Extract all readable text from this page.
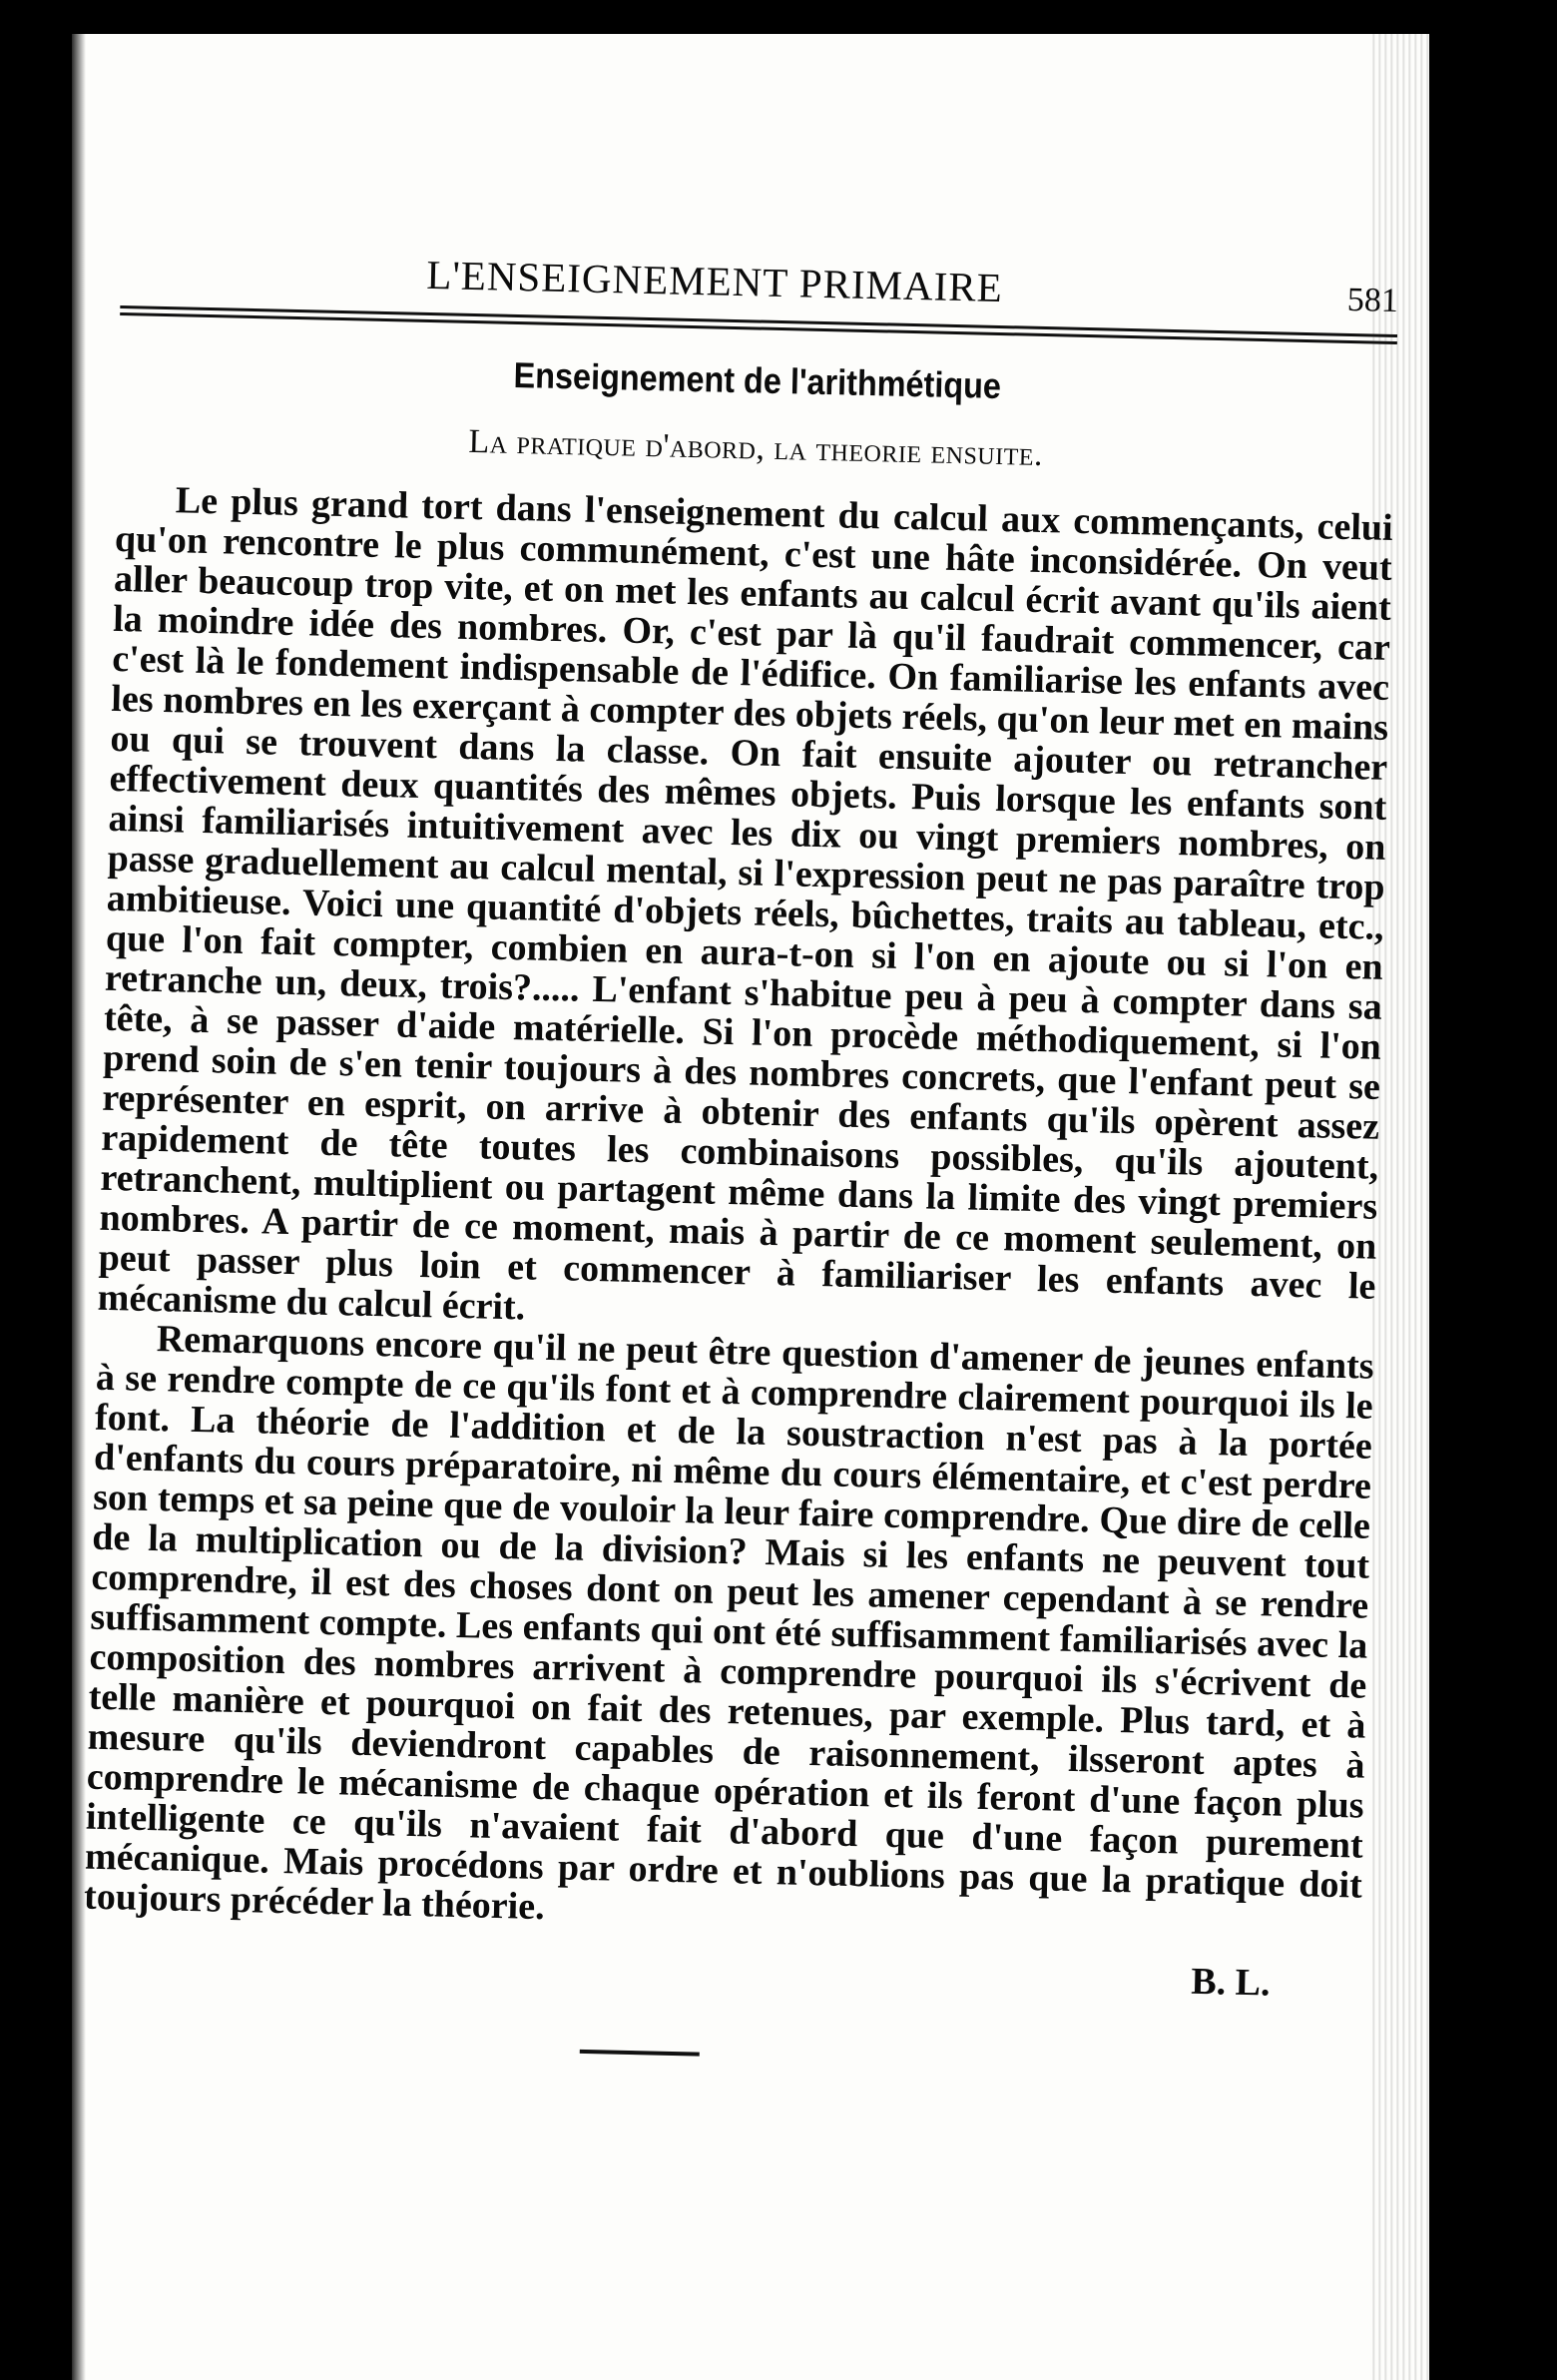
L'ENSEIGNEMENT PRIMAIRE	581
Enseignement de l'arithmétique
La pratique d'abord, la theorie ensuite.

Le plus grand tort dans l'enseignement du calcul aux commençants, celui qu'on rencontre le plus communément, c'est une hâte inconsidérée. On veut aller beaucoup trop vite, et on met les enfants au calcul écrit avant qu'ils aient la moindre idée des nombres. Or, c'est par là qu'il faudrait commencer, car c'est là le fondement indispensable de l'édifice. On familiarise les enfants avec les nombres en les exerçant à compter des objets réels, qu'on leur met en mains ou qui se trouvent dans la classe. On fait ensuite ajouter ou retrancher effectivement deux quantités des mêmes objets. Puis lorsque les enfants sont ainsi familiarisés intuitivement avec les dix ou vingt premiers nombres, on passe graduellement au calcul mental, si l'expression peut ne pas paraître trop ambitieuse. Voici une quantité d'objets réels, bûchettes, traits au tableau, etc., que l'on fait compter, combien en aura-t-on si l'on en ajoute ou si l'on en retranche un, deux, trois?..... L'enfant s'habitue peu à peu à compter dans sa tête, à se passer d'aide matérielle. Si l'on procède méthodiquement, si l'on prend soin de s'en tenir toujours à des nombres concrets, que l'enfant peut se représenter en esprit, on arrive à obtenir des enfants qu'ils opèrent assez rapidement de tête toutes les combinaisons possibles, qu'ils ajoutent, retranchent, multiplient ou partagent même dans la limite des vingt premiers nombres. A partir de ce moment, mais à partir de ce moment seulement, on peut passer plus loin et commencer à familiariser les enfants avec le mécanisme du calcul écrit.

Remarquons encore qu'il ne peut être question d'amener de jeunes enfants à se rendre compte de ce qu'ils font et à comprendre clairement pourquoi ils le font. La théorie de l'addition et de la soustraction n'est pas à la portée d'enfants du cours préparatoire, ni même du cours élémentaire, et c'est perdre son temps et sa peine que de vouloir la leur faire comprendre. Que dire de celle de la multiplication ou de la division? Mais si les enfants ne peuvent tout comprendre, il est des choses dont on peut les amener cependant à se rendre suffisamment compte. Les enfants qui ont été suffisamment familiarisés avec la composition des nombres arrivent à comprendre pourquoi ils s'écrivent de telle manière et pourquoi on fait des retenues, par exemple. Plus tard, et à mesure qu'ils deviendront capables de raisonnement, ilsseront aptes à comprendre le mécanisme de chaque opération et ils feront d'une façon plus intelligente ce qu'ils n'avaient fait d'abord que d'une façon purement mécanique. Mais procédons par ordre et n'oublions pas que la pratique doit toujours précéder la théorie.

B. L.
